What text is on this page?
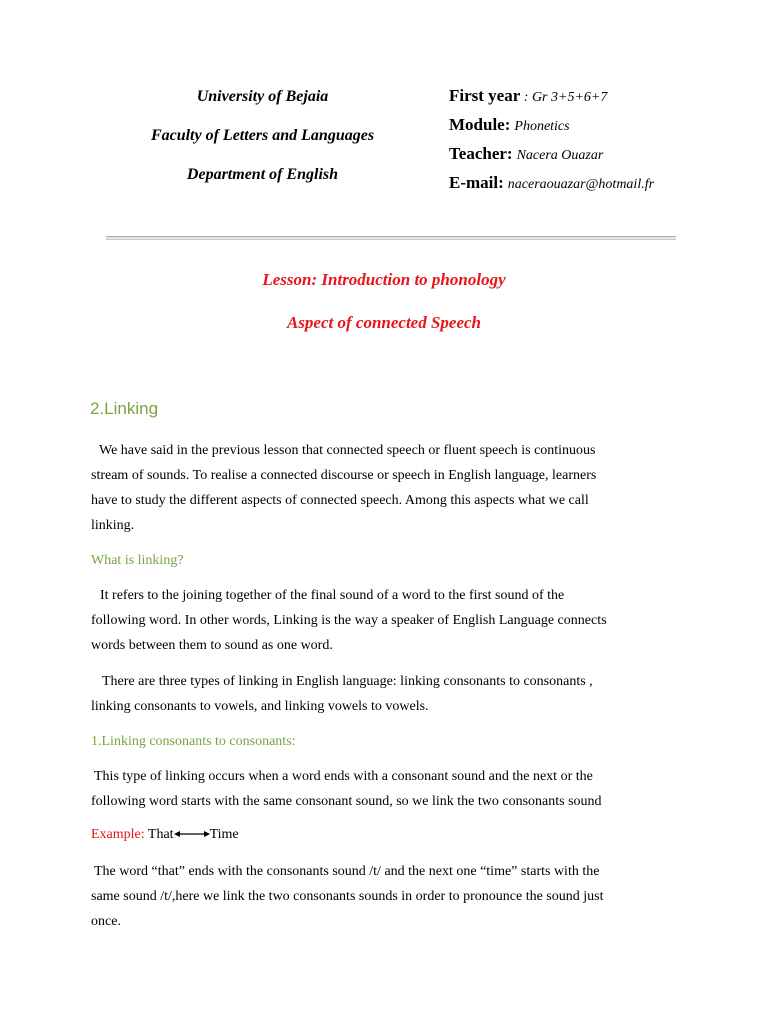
University of Bejaia
Faculty of Letters and Languages
Department of English
First year : Gr 3+5+6+7
Module: Phonetics
Teacher: Nacera Ouazar
E-mail: naceraouazar@hotmail.fr
Lesson: Introduction to phonology
Aspect of connected Speech
2.Linking
We have said in the previous lesson that connected speech or fluent speech is continuous
stream of sounds. To realise a connected discourse or speech in English language, learners
have to study the different aspects of connected speech. Among this aspects what we call
linking.
What is linking?
It refers to the joining together of the final sound of a word to the first sound of the
following word. In other words, Linking is the way a speaker of English Language connects
words between them to sound as one word.
There are three types of linking in English language: linking consonants to consonants ,
linking consonants to vowels, and linking vowels to vowels.
1.Linking consonants to consonants:
This type of linking occurs when a word ends with a consonant sound and the next or the
following word starts with the same consonant sound, so we link the two consonants sound
Example: That	Time
The word “that” ends with the consonants sound /t/ and the next one “time” starts with the
same sound /t/,here we link the two consonants sounds in order to pronounce the sound just
once.
